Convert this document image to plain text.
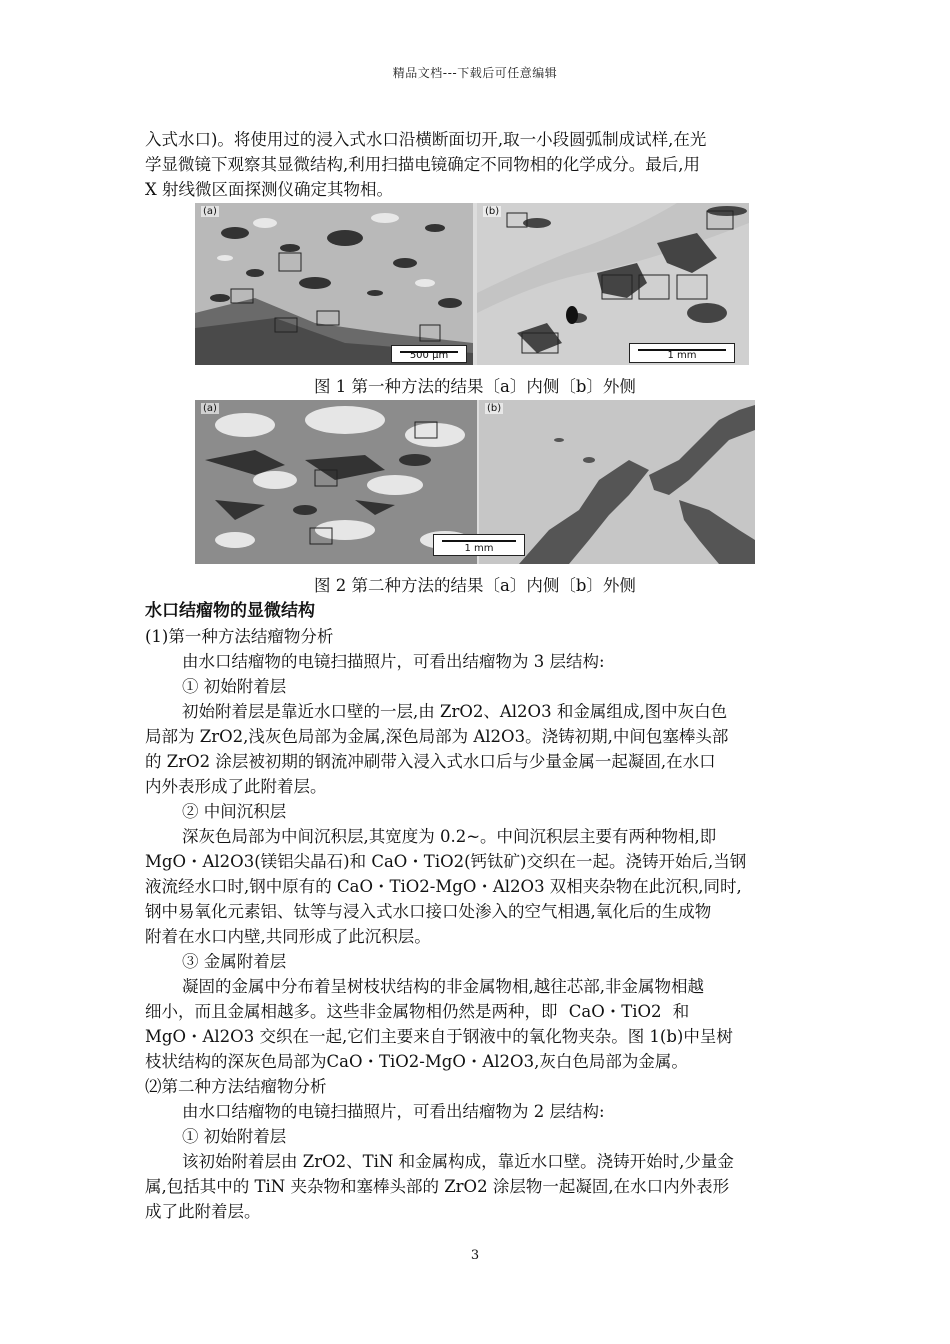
精品文档---下载后可任意编辑
入式水口)。将使用过的浸入式水口沿横断面切开,取一小段圆弧制成试样,在光
学显微镜下观察其显微结构,利用扫描电镜确定不同物相的化学成分。最后,用
X 射线微区面探测仪确定其物相。
(a)
500 μm
(b)
1 mm
图 1 第一种方法的结果〔a〕内侧〔b〕外侧
(a)	(b)
1 mm
图 2 第二种方法的结果〔a〕内侧〔b〕外侧
水口结瘤物的显微结构
(1)第一种方法结瘤物分析
由水口结瘤物的电镜扫描照片，可看出结瘤物为 3 层结构:
① 初始附着层
初始附着层是靠近水口壁的一层,由 ZrO2、Al2O3 和金属组成,图中灰白色
局部为 ZrO2,浅灰色局部为金属,深色局部为 Al2O3。浇铸初期,中间包塞棒头部
的 ZrO2 涂层被初期的钢流冲刷带入浸入式水口后与少量金属一起凝固,在水口
内外表形成了此附着层。
② 中间沉积层
深灰色局部为中间沉积层,其宽度为 0.2~。中间沉积层主要有两种物相,即
MgO・Al2O3(镁铝尖晶石)和 CaO・TiO2(钙钛矿)交织在一起。浇铸开始后,当钢
液流经水口时,钢中原有的 CaO・TiO2-MgO・Al2O3 双相夹杂物在此沉积,同时,
钢中易氧化元素铝、钛等与浸入式水口接口处渗入的空气相遇,氧化后的生成物
附着在水口内壁,共同形成了此沉积层。
③ 金属附着层
凝固的金属中分布着呈树枝状结构的非金属物相,越往芯部,非金属物相越
细小，而且金属相越多。这些非金属物相仍然是两种，即 CaO・TiO2 和
MgO・Al2O3 交织在一起,它们主要来自于钢液中的氧化物夹杂。图 1(b)中呈树
枝状结构的深灰色局部为CaO・TiO2-MgO・Al2O3,灰白色局部为金属。
⑵第二种方法结瘤物分析
由水口结瘤物的电镜扫描照片，可看出结瘤物为 2 层结构:
① 初始附着层
该初始附着层由 ZrO2、TiN 和金属构成，靠近水口壁。浇铸开始时,少量金
属,包括其中的 TiN 夹杂物和塞棒头部的 ZrO2 涂层物一起凝固,在水口内外表形
成了此附着层。
3
